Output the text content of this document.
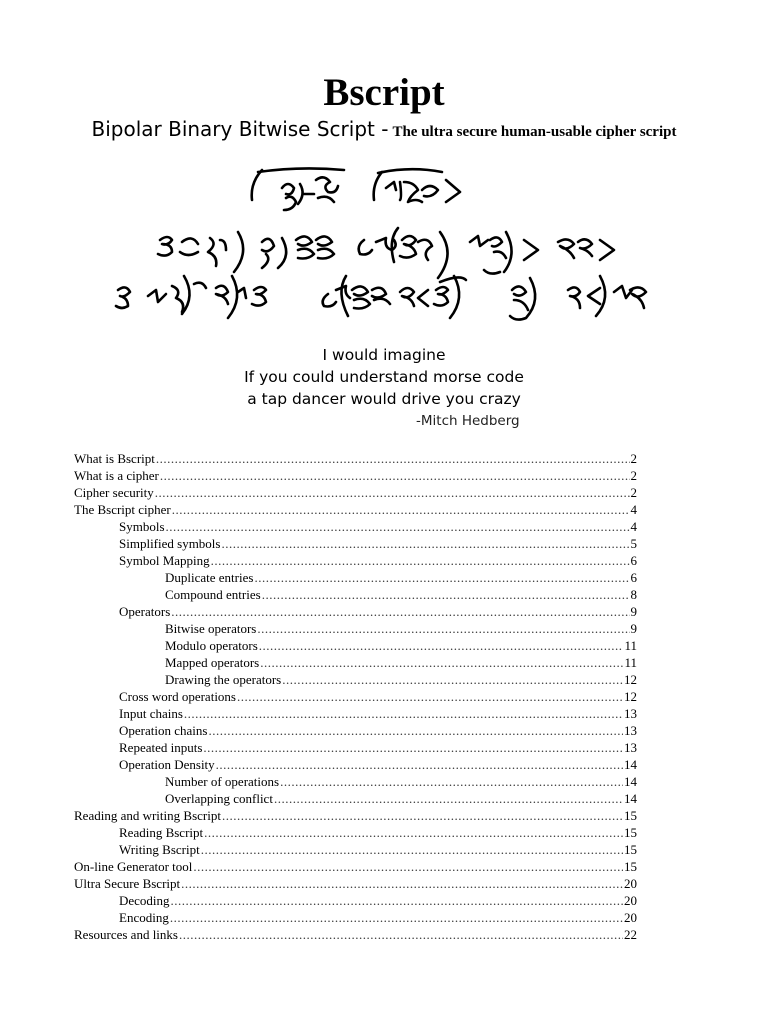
Bscript
Bipolar Binary Bitwise Script - The ultra secure human-usable cipher script
I would imagine
If you could understand morse code
a tap dancer would drive you crazy
-Mitch Hedberg
What is Bscript .....	2
What is a cipher .....	2
Cipher security .....	2
The Bscript cipher .....	4
Symbols .....	4
Simplified symbols .....	5
Symbol Mapping .....	6
Duplicate entries .....	6
Compound entries .....	8
Operators .....	9
Bitwise operators .....	9
Modulo operators .....	11
Mapped operators .....	11
Drawing the operators .....	12
Cross word operations .....	12
Input chains .....	13
Operation chains .....	13
Repeated inputs .....	13
Operation Density .....	14
Number of operations .....	14
Overlapping conflict .....	14
Reading and writing Bscript .....	15
Reading Bscript .....	15
Writing Bscript .....	15
On-line Generator tool .....	15
Ultra Secure Bscript .....	20
Decoding .....	20
Encoding .....	20
Resources and links .....	22
